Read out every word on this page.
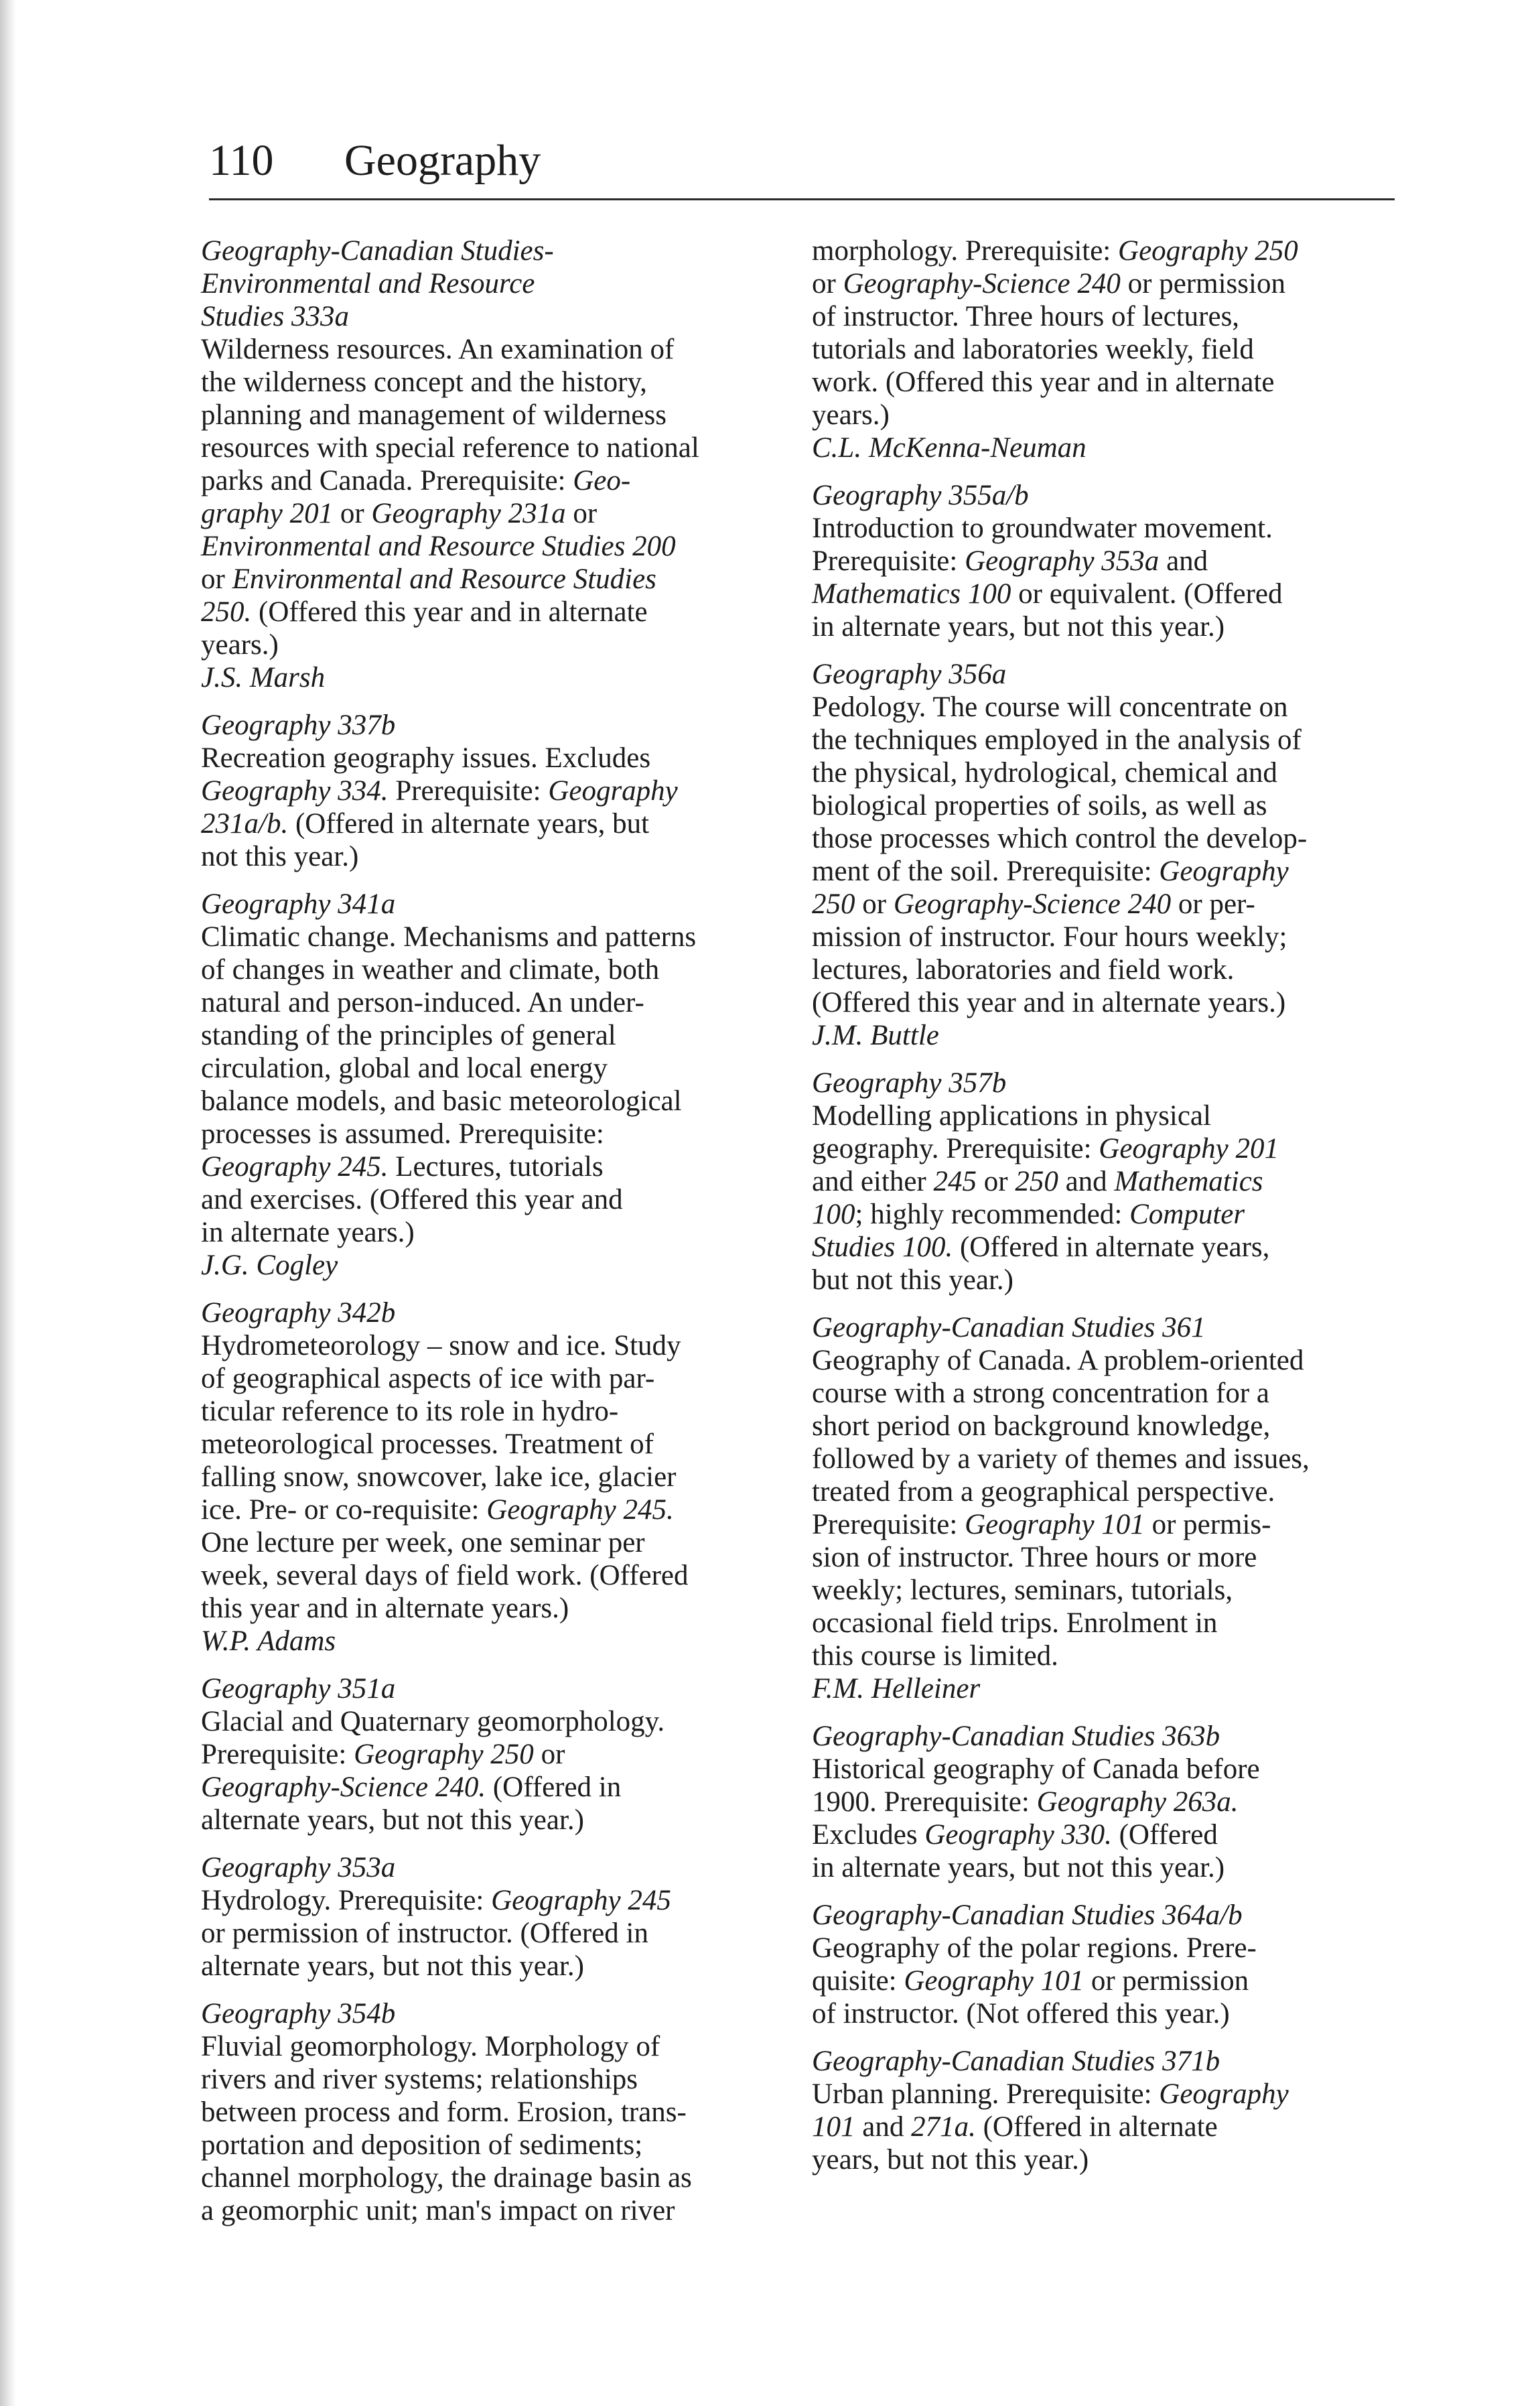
110 Geography
Geography-Canadian Studies-
Environmental and Resource
Studies 333a
Wilderness resources. An examination of
the wilderness concept and the history,
planning and management of wilderness
resources with special reference to national
parks and Canada. Prerequisite: Geo-
graphy 201 or Geography 231a or
Environmental and Resource Studies 200
or Environmental and Resource Studies
250. (Offered this year and in alternate
years.)
J.S. Marsh
Geography 337b
Recreation geography issues. Excludes
Geography 334. Prerequisite: Geography
231a/b. (Offered in alternate years, but
not this year.)
Geography 341a
Climatic change. Mechanisms and patterns
of changes in weather and climate, both
natural and person-induced. An under-
standing of the principles of general
circulation, global and local energy
balance models, and basic meteorological
processes is assumed. Prerequisite:
Geography 245. Lectures, tutorials
and exercises. (Offered this year and
in alternate years.)
J.G. Cogley
Geography 342b
Hydrometeorology – snow and ice. Study
of geographical aspects of ice with par-
ticular reference to its role in hydro-
meteorological processes. Treatment of
falling snow, snowcover, lake ice, glacier
ice. Pre- or co-requisite: Geography 245.
One lecture per week, one seminar per
week, several days of field work. (Offered
this year and in alternate years.)
W.P. Adams
Geography 351a
Glacial and Quaternary geomorphology.
Prerequisite: Geography 250 or
Geography-Science 240. (Offered in
alternate years, but not this year.)
Geography 353a
Hydrology. Prerequisite: Geography 245
or permission of instructor. (Offered in
alternate years, but not this year.)
Geography 354b
Fluvial geomorphology. Morphology of
rivers and river systems; relationships
between process and form. Erosion, trans-
portation and deposition of sediments;
channel morphology, the drainage basin as
a geomorphic unit; man's impact on river
morphology. Prerequisite: Geography 250
or Geography-Science 240 or permission
of instructor. Three hours of lectures,
tutorials and laboratories weekly, field
work. (Offered this year and in alternate
years.)
C.L. McKenna-Neuman
Geography 355a/b
Introduction to groundwater movement.
Prerequisite: Geography 353a and
Mathematics 100 or equivalent. (Offered
in alternate years, but not this year.)
Geography 356a
Pedology. The course will concentrate on
the techniques employed in the analysis of
the physical, hydrological, chemical and
biological properties of soils, as well as
those processes which control the develop-
ment of the soil. Prerequisite: Geography
250 or Geography-Science 240 or per-
mission of instructor. Four hours weekly;
lectures, laboratories and field work.
(Offered this year and in alternate years.)
J.M. Buttle
Geography 357b
Modelling applications in physical
geography. Prerequisite: Geography 201
and either 245 or 250 and Mathematics
100; highly recommended: Computer
Studies 100. (Offered in alternate years,
but not this year.)
Geography-Canadian Studies 361
Geography of Canada. A problem-oriented
course with a strong concentration for a
short period on background knowledge,
followed by a variety of themes and issues,
treated from a geographical perspective.
Prerequisite: Geography 101 or permis-
sion of instructor. Three hours or more
weekly; lectures, seminars, tutorials,
occasional field trips. Enrolment in
this course is limited.
F.M. Helleiner
Geography-Canadian Studies 363b
Historical geography of Canada before
1900. Prerequisite: Geography 263a.
Excludes Geography 330. (Offered
in alternate years, but not this year.)
Geography-Canadian Studies 364a/b
Geography of the polar regions. Prere-
quisite: Geography 101 or permission
of instructor. (Not offered this year.)
Geography-Canadian Studies 371b
Urban planning. Prerequisite: Geography
101 and 271a. (Offered in alternate
years, but not this year.)
